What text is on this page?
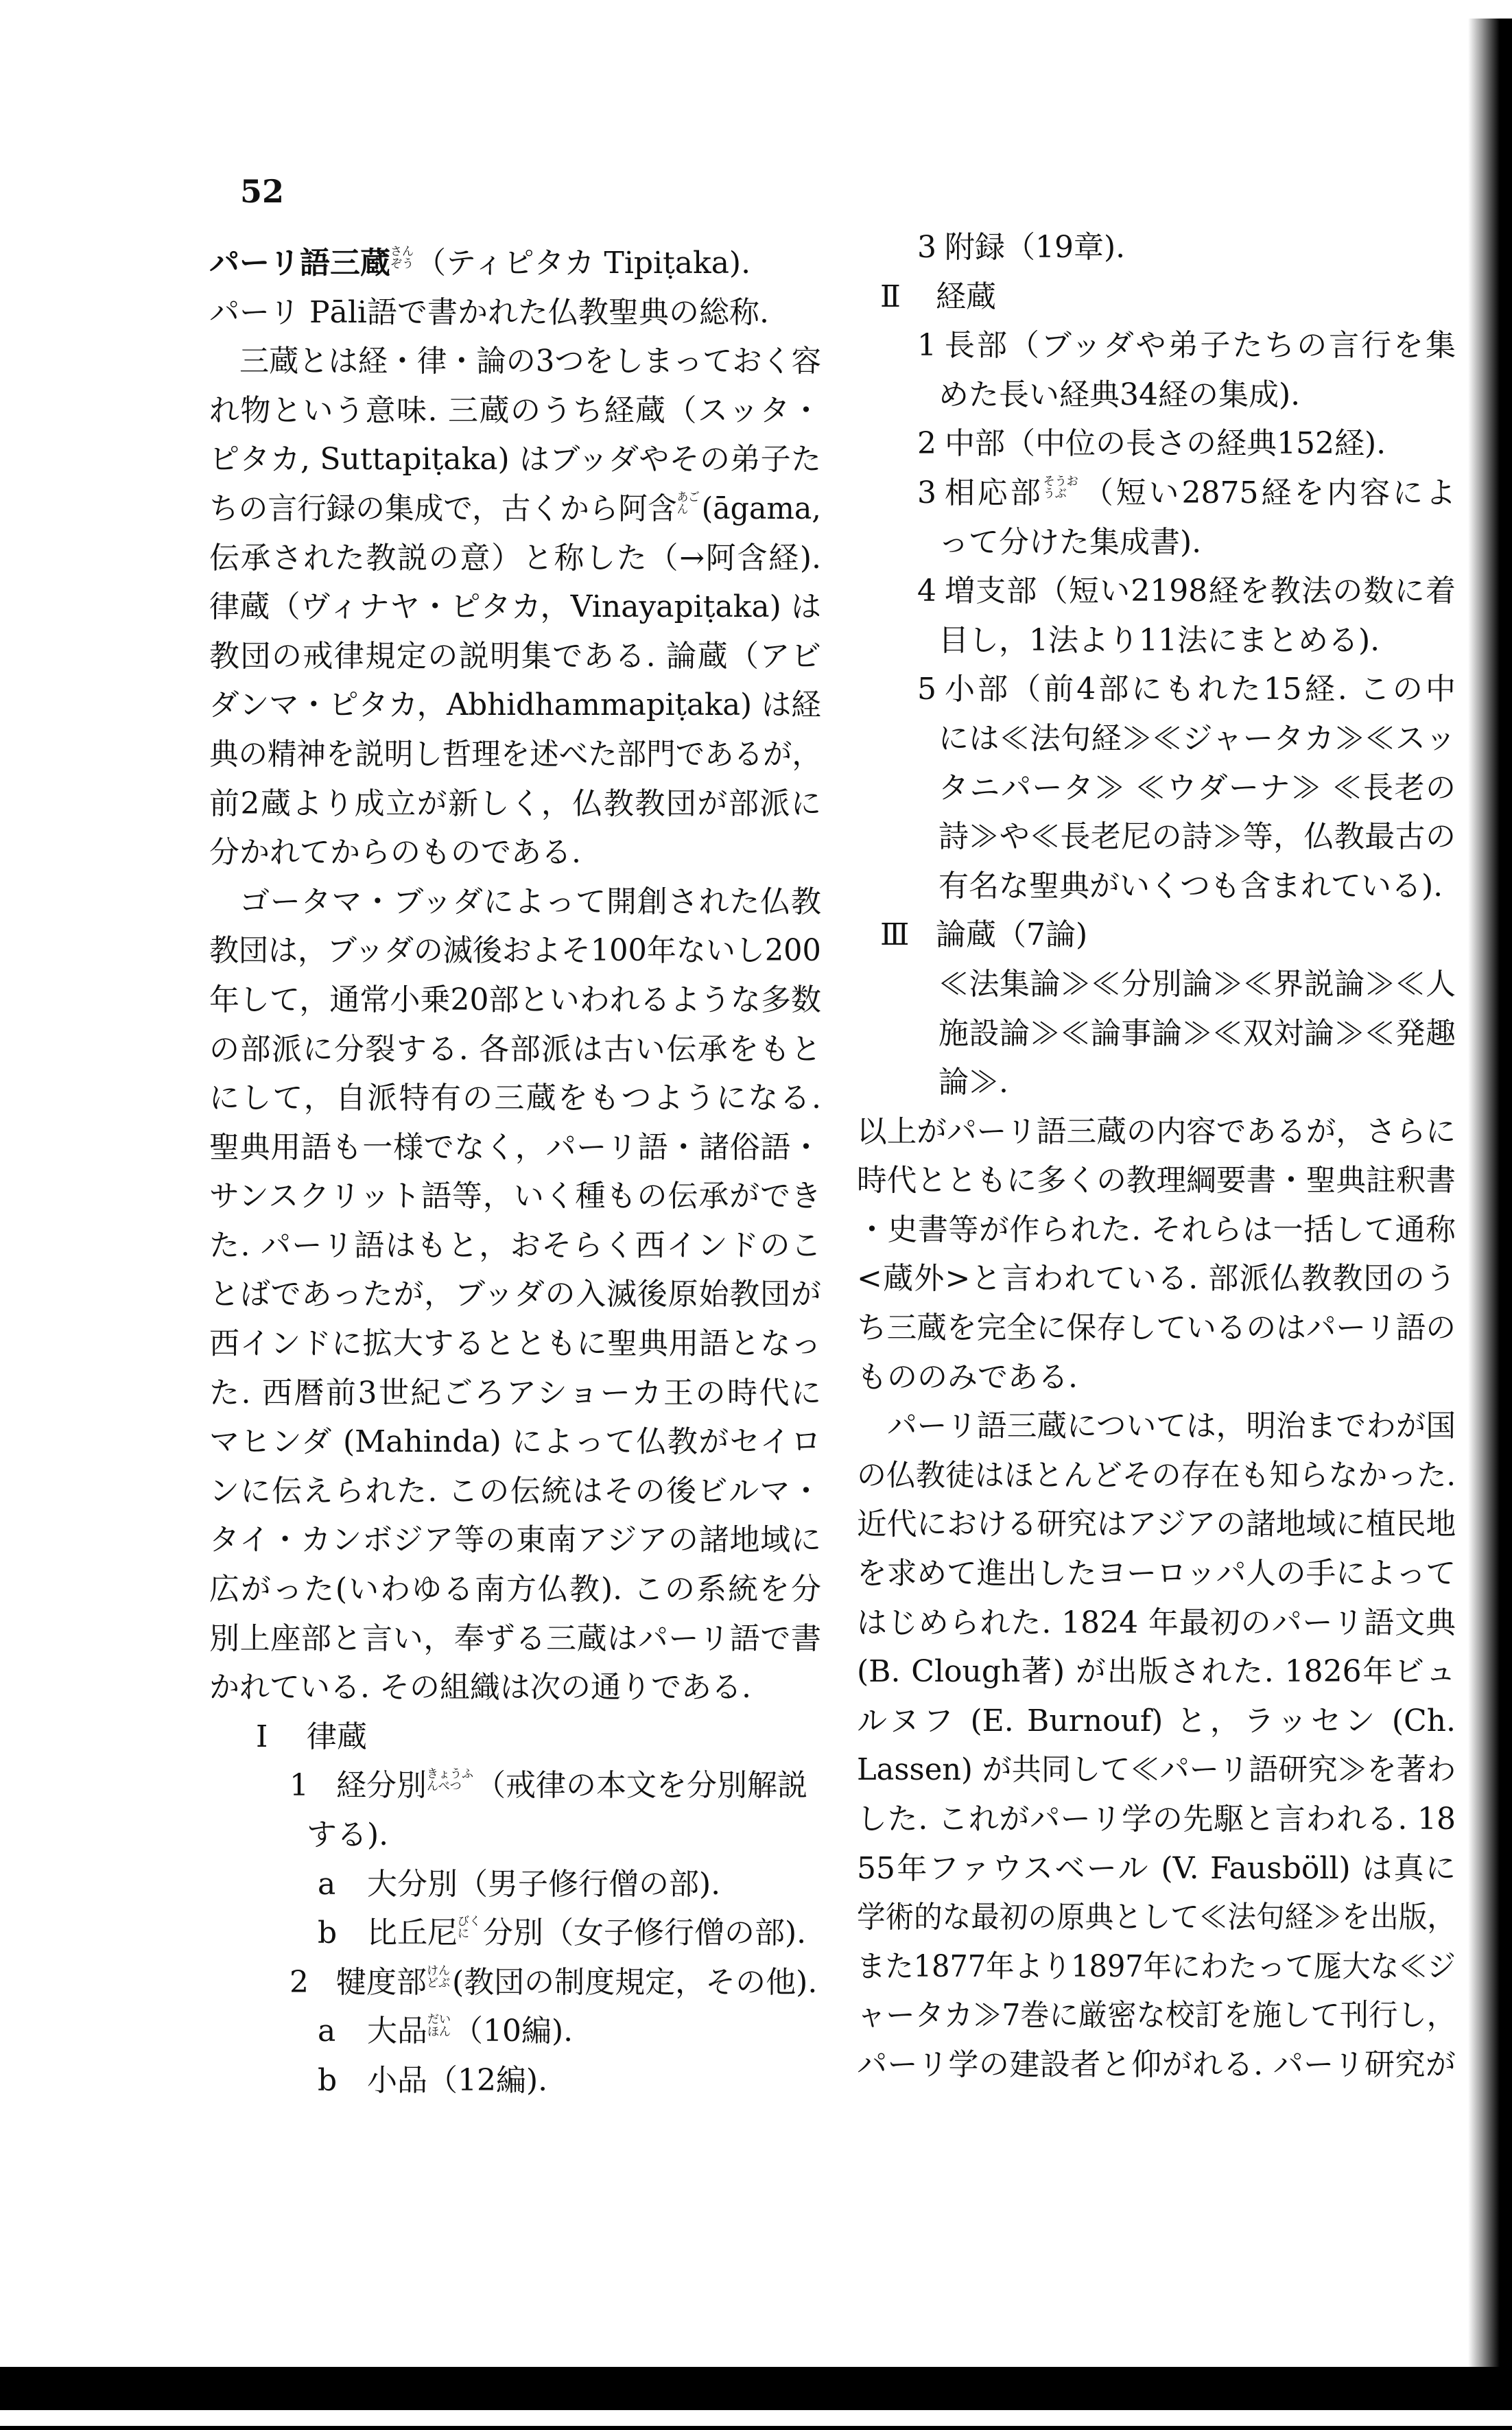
52
パーリ語三蔵さんぞう（ティピタカ Tipiṭaka).
パーリ Pāli語で書かれた仏教聖典の総称.
三蔵とは経・律・論の3つをしまっておく容
れ物という意味. 三蔵のうち経蔵（スッタ・
ピタカ, Suttapiṭaka) はブッダやその弟子た
ちの言行録の集成で，古くから阿含あごん (āgama,
伝承された教説の意）と称した（→阿含経).
律蔵（ヴィナヤ・ピタカ，Vinayapiṭaka) は
教団の戒律規定の説明集である. 論蔵（アビ
ダンマ・ピタカ，Abhidhammapiṭaka) は経
典の精神を説明し哲理を述べた部門であるが，
前2蔵より成立が新しく，仏教教団が部派に
分かれてからのものである.
ゴータマ・ブッダによって開創された仏教
教団は，ブッダの滅後およそ100年ないし200
年して，通常小乗20部といわれるような多数
の部派に分裂する. 各部派は古い伝承をもと
にして，自派特有の三蔵をもつようになる.
聖典用語も一様でなく，パーリ語・諸俗語・
サンスクリット語等，いく種もの伝承ができ
た. パーリ語はもと，おそらく西インドのこ
とばであったが，ブッダの入滅後原始教団が
西インドに拡大するとともに聖典用語となっ
た. 西暦前3世紀ごろアショーカ王の時代に
マヒンダ (Mahinda) によって仏教がセイロ
ンに伝えられた. この伝統はその後ビルマ・
タイ・カンボジア等の東南アジアの諸地域に
広がった(いわゆる南方仏教). この系統を分
別上座部と言い，奉ずる三蔵はパーリ語で書
かれている. その組織は次の通りである.
I 律蔵
1 経分別きょうふんべつ （戒律の本文を分別解説
する).
a 大分別（男子修行僧の部).
b 比丘尼びくに 分別（女子修行僧の部).
2 犍度部けんどぶ(教団の制度規定，その他).
a 大品だいほん（10編).
b 小品（12編).
3 附録（19章).
Ⅱ 経蔵
1 長部（ブッダや弟子たちの言行を集
めた長い経典34経の集成).
2 中部（中位の長さの経典152経).
3 相応部そうおうぶ （短い2875経を内容によ
って分けた集成書).
4 増支部（短い2198経を教法の数に着
目し，1法より11法にまとめる).
5 小部（前4部にもれた15経. この中
には≪法句経≫≪ジャータカ≫≪スッ
タニパータ≫ ≪ウダーナ≫ ≪長老の
詩≫や≪長老尼の詩≫等，仏教最古の
有名な聖典がいくつも含まれている).
Ⅲ 論蔵（7論)
≪法集論≫≪分別論≫≪界説論≫≪人
施設論≫≪論事論≫≪双対論≫≪発趣
論≫.
以上がパーリ語三蔵の内容であるが，さらに
時代とともに多くの教理綱要書・聖典註釈書
・史書等が作られた. それらは一括して通称
<蔵外>と言われている. 部派仏教教団のう
ち三蔵を完全に保存しているのはパーリ語の
もののみである.
パーリ語三蔵については，明治までわが国
の仏教徒はほとんどその存在も知らなかった.
近代における研究はアジアの諸地域に植民地
を求めて進出したヨーロッパ人の手によって
はじめられた. 1824 年最初のパーリ語文典
(B. Clough著) が出版された. 1826年ビュ
ルヌフ (E. Burnouf) と，ラッセン (Ch.
Lassen) が共同して≪パーリ語研究≫を著わ
した. これがパーリ学の先駆と言われる. 18
55年ファウスベール (V. Fausböll) は真に
学術的な最初の原典として≪法句経≫を出版，
また1877年より1897年にわたって厖大な≪ジ
ャータカ≫7巻に厳密な校訂を施して刊行し，
パーリ学の建設者と仰がれる. パーリ研究が
